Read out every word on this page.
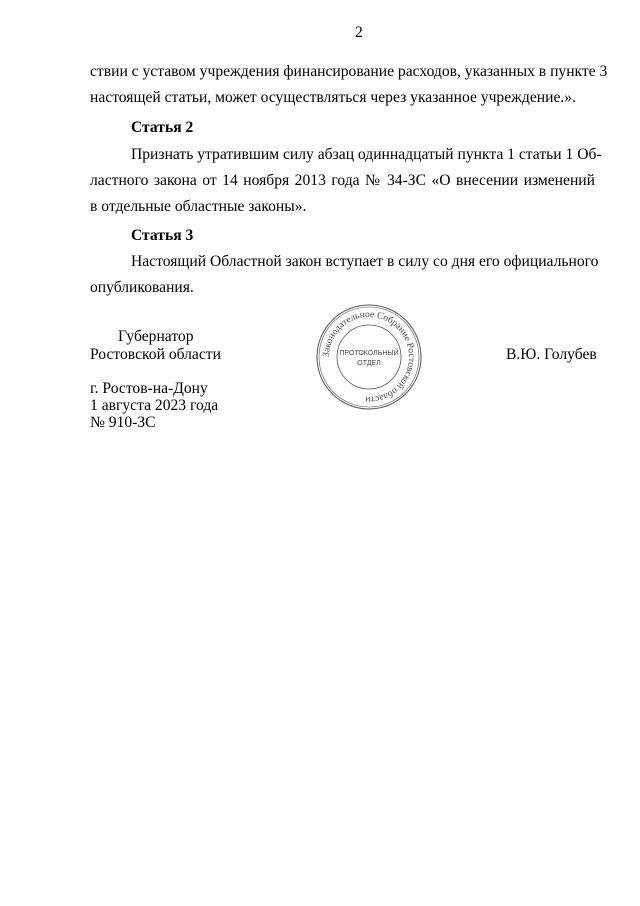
2
ствии с уставом учреждения финансирование расходов, указанных в пункте 3
настоящей статьи, может осуществляться через указанное учреждение.».
Статья 2
Признать утратившим силу абзац одиннадцатый пункта 1 статьи 1 Об-
ластного закона от 14 ноября 2013 года № 34-ЗС «О внесении изменений
в отдельные областные законы».
Статья 3
Настоящий Областной закон вступает в силу со дня его официального
опубликования.
Губернатор
Ростовской области	В.Ю. Голубев
г. Ростов-на-Дону
1 августа 2023 года
№ 910-ЗС
Законодательное Собрание Ростовской области
ПРОТОКОЛЬНЫЙ
ОТДЕЛ
